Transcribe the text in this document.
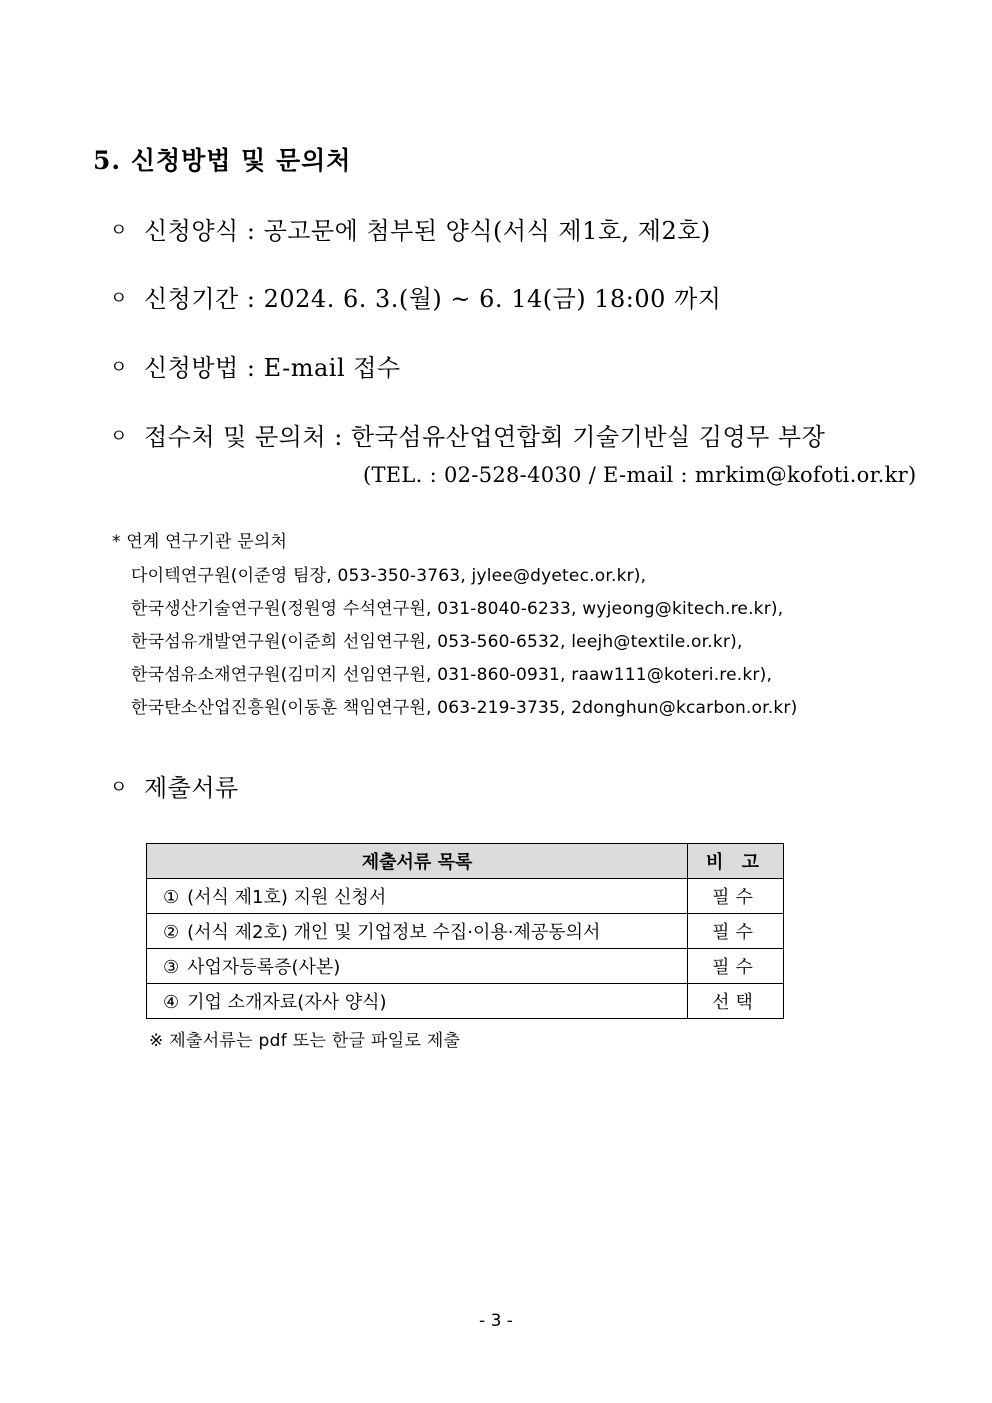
5. 신청방법 및 문의처
ㅇ 신청양식 : 공고문에 첨부된 양식(서식 제1호, 제2호)
ㅇ 신청기간 : 2024. 6. 3.(월) ~ 6. 14(금) 18:00 까지
ㅇ 신청방법 : E-mail 접수
ㅇ 접수처 및 문의처 : 한국섬유산업연합회 기술기반실 김영무 부장
(TEL. : 02-528-4030 / E-mail : mrkim@kofoti.or.kr)
* 연계 연구기관 문의처
다이텍연구원(이준영 팀장, 053-350-3763, jylee@dyetec.or.kr),
한국생산기술연구원(정원영 수석연구원, 031-8040-6233, wyjeong@kitech.re.kr),
한국섬유개발연구원(이준희 선임연구원, 053-560-6532, leejh@textile.or.kr),
한국섬유소재연구원(김미지 선임연구원, 031-860-0931, raaw111@koteri.re.kr),
한국탄소산업진흥원(이동훈 책임연구원, 063-219-3735, 2donghun@kcarbon.or.kr)
ㅇ 제출서류
제출서류 목록	비 고
① (서식 제1호) 지원 신청서	필수
② (서식 제2호) 개인 및 기업정보 수집·이용·제공동의서	필수
③ 사업자등록증(사본)	필수
④ 기업 소개자료(자사 양식)	선택
※ 제출서류는 pdf 또는 한글 파일로 제출
- 3 -
